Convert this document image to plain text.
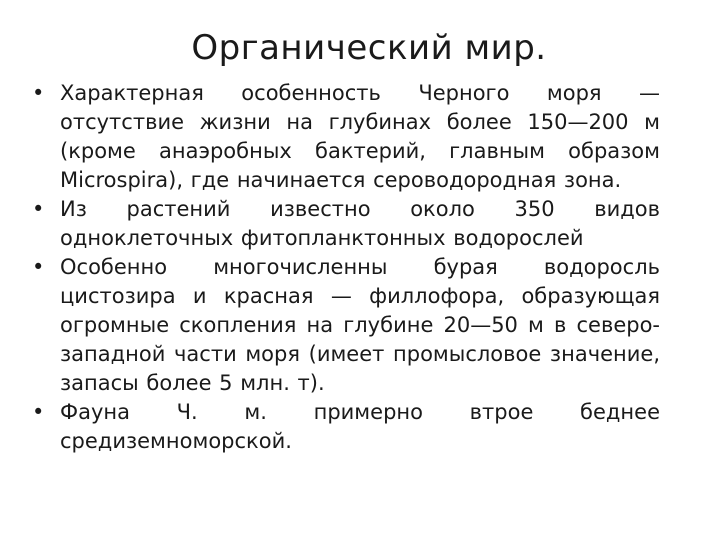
Органический мир.
• Характерная особенность Черного моря — отсутствие жизни на глубинах более 150—200 м (кроме анаэробных бактерий, главным образом Microspira), где начинается сероводородная зона.
• Из растений известно около 350 видов одноклеточных фитопланктонных водорослей
• Особенно многочисленны бурая водоросль цистозира и красная — филлофора, образующая огромные скопления на глубине 20—50 м в северо-западной части моря (имеет промысловое значение, запасы более 5 млн. т).
• Фауна Ч. м. примерно втрое беднее средиземноморской.
